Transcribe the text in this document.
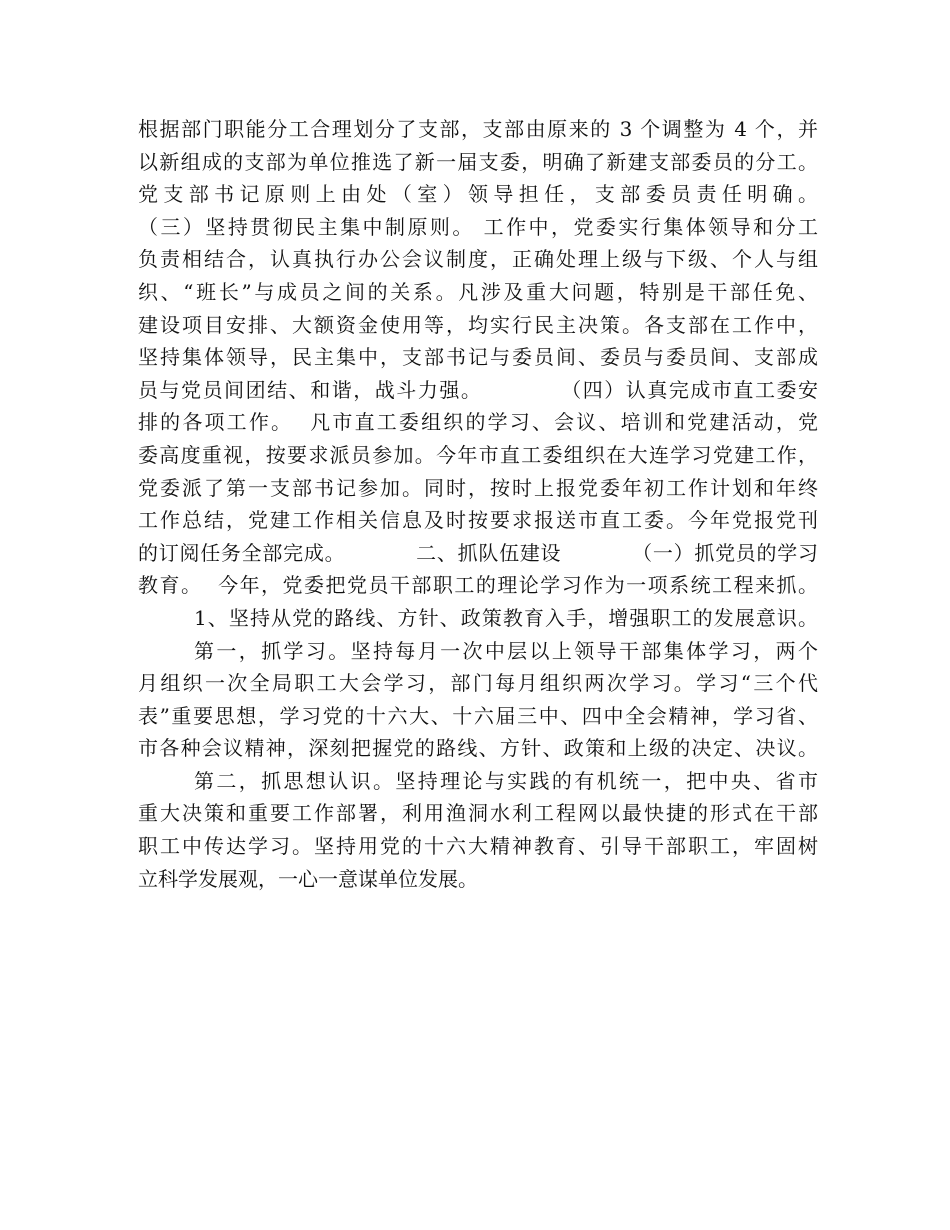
根据部门职能分工合理划分了支部，支部由原来的 3 个调整为 4 个，并
以新组成的支部为单位推选了新一届支委，明确了新建支部委员的分工。
党支部书记原则上由处（室）领导担任，支部委员责任明确。
（三）坚持贯彻民主集中制原则。 工作中，党委实行集体领导和分工
负责相结合，认真执行办公会议制度，正确处理上级与下级、个人与组
织、“班长”与成员之间的关系。凡涉及重大问题，特别是干部任免、
建设项目安排、大额资金使用等，均实行民主决策。各支部在工作中，
坚持集体领导，民主集中，支部书记与委员间、委员与委员间、支部成
员与党员间团结、和谐，战斗力强。          （四）认真完成市直工委安
排的各项工作。  凡市直工委组织的学习、会议、培训和党建活动，党
委高度重视，按要求派员参加。今年市直工委组织在大连学习党建工作，
党委派了第一支部书记参加。同时，按时上报党委年初工作计划和年终
工作总结，党建工作相关信息及时按要求报送市直工委。今年党报党刊
的订阅任务全部完成。          二、抓队伍建设          （一）抓党员的学习
教育。  今年，党委把党员干部职工的理论学习作为一项系统工程来抓。
1、坚持从党的路线、方针、政策教育入手，增强职工的发展意识。
第一，抓学习。坚持每月一次中层以上领导干部集体学习，两个
月组织一次全局职工大会学习，部门每月组织两次学习。学习“三个代
表”重要思想，学习党的十六大、十六届三中、四中全会精神，学习省、
市各种会议精神，深刻把握党的路线、方针、政策和上级的决定、决议。
第二，抓思想认识。坚持理论与实践的有机统一，把中央、省市
重大决策和重要工作部署，利用渔洞水利工程网以最快捷的形式在干部
职工中传达学习。坚持用党的十六大精神教育、引导干部职工，牢固树
立科学发展观，一心一意谋单位发展。
